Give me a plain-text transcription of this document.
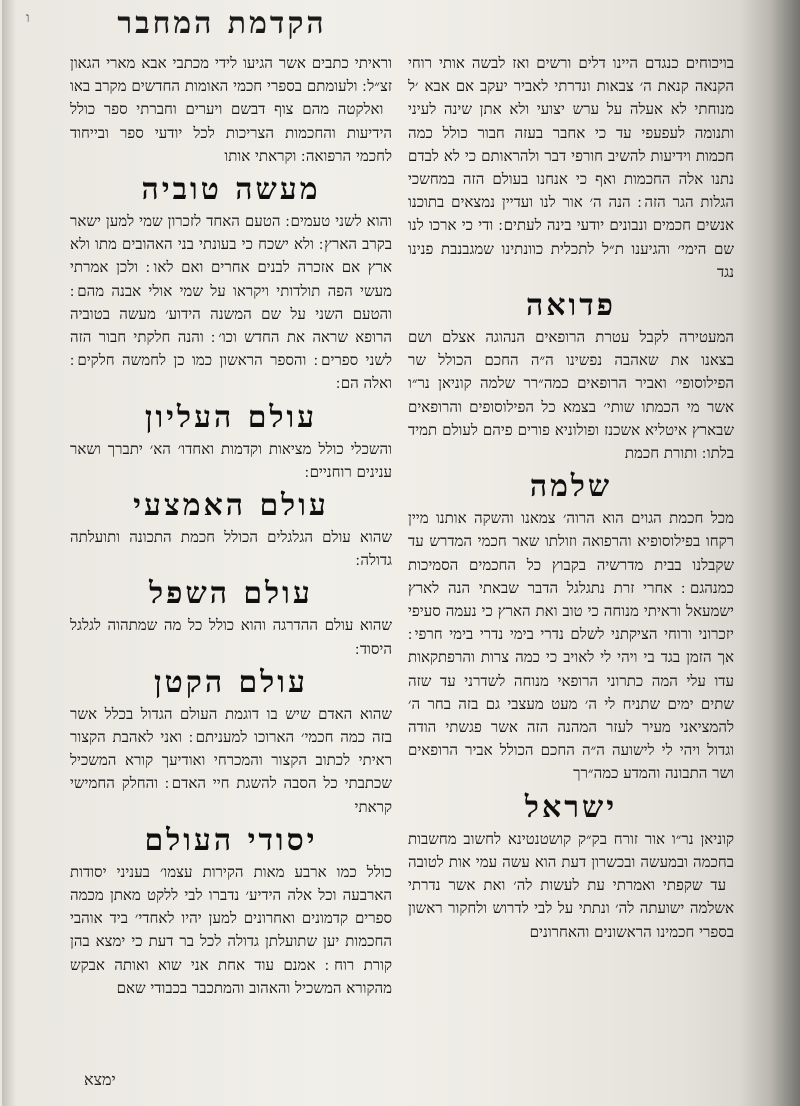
הקדמת המחבר
ו

בויכוחים כנגדם היינו דלים ורשים ואז לבשה אותי רוחי הקנאה קנאת ה׳ צבאות ונדרתי לאביר יעקב אם אבא ׳ל מנוחתי לא אעלה על ערש יצועי ולא אתן שינה לעיני ותנומה לעפעפי עד כי אחבר בעזה חבור כולל כמה חכמות וידיעות להשיב חורפי דבר ולהראותם כי לא לבדם נתנו אלה החכמות ואף כי אנחנו בעולם הזה במחשכי הגלות הגר הזה ׃ הנה ה׳ אור לנו ועדיין נמצאים בתוכנו אנשים חכמים ונבונים יודעי בינה לעתים ׃ ודי כי ארכו לנו שם הימי׳ והגיענו ת״ל לתכלית כוונתינו שמגבנבת פנינו נגד

פדואה

המעטירה לקבל עטרת הרופאים הנהוגה אצלם ושם בצאנו את שאהבה נפשינו ה״ה החכם הכולל שר הפילוסופי׳ ואביר הרופאים כמה״רר שלמה קוניאן נר״ו אשר מי הכמתו שותי׳ בצמא כל הפילוסופים והרופאים שבארץ איטליא אשכנז ופולוניא פורים פיהם לעולם תמיד בלתו ׃ ותורת חכמת

שלמה

מכל חכמת הגוים הוא הרוה׳ צמאנו והשקה אותנו מיין רקחו בפילוסופיא והרפואה וזולתו שאר חכמי המדרש עד שקבלנו בבית מדרשיה בקבוץ כל החכמים הסמיכות כמנהגם ׃ אחרי זרת נתגלגל הדבר שבאתי הנה לארץ ישמעאל וראיתי מנוחה כי טוב ואת הארץ כי נעמה סעיפי יזכרוני ורוחי הציקתני לשלם נדרי בימי נדרי בימי חרפי ׃ אך הזמן בגד בי ויהי לי לאויב כי כמה צרות והרפתקאות עדו עלי המה כתרוני הרופאי מנוחה לשדרני עד שזה שתים ימים שתניח לי ה׳ מעט מעצבי גם בזה בחר ה׳ להמציאני מעיר לעזר המהנה הזה אשר פגשתי הודה וגדול ויהי לי לישועה ה״ה החכם הכולל אביר הרופאים ושר התבונה והמדע כמה״רך

ישראל

קוניאן נר״ו אור זורח בק״ק קושטנטינא לחשוב מחשבות בחכמה ובמעשה ובכשרון דעת הוא עשה עמי אות לטובה ׃ עד שקפתי ואמרתי עת לעשות לה׳ ואת אשר נדרתי אשלמה ישועתה לה׳ ונתתי על לבי לדרוש ולחקור ראשון בספרי חכמינו הראשונים והאחרונים

וראיתי כתבים אשר הגיעו לידי מכתבי אבא מארי הגאון זצ״ל ׃ ולעומתם בספרי חכמי האומות החדשים מקרב באו ׃ ואלקטה מהם צוף דבשם ויערים וחברתי ספר כולל הידיעות והחכמות הצריכות לכל יודעי ספר ובייחוד לחכמי הרפואה ׃ וקראתי אותו

מעשה טוביה

והוא לשני טעמים ׃ הטעם האחד לזכרון שמי למען ישאר בקרב הארץ ׃ ולא ישכח כי בעונתי בני האהובים מתו ולא ארץ אם אזכרה לבנים אחרים ואם לאו ׃ ולכן אמרתי מעשי הפה תולדותי ויקראו על שמי אולי אבנה מהם ׃ והטעם השני על שם המשנה הידוע׳ מעשה בטוביה הרופא שראה את החדש וכו׳ ׃ והנה חלקתי חבור הזה לשני ספרים ׃ והספר הראשון כמו כן לחמשה חלקים ׃ ואלה הם ׃

עולם העליון

והשכלי כולל מציאות וקדמות ואחדו׳ הא׳ יתברך ושאר ענינים רוחניים ׃

עולם האמצעי

שהוא עולם הגלגלים הכולל חכמת התכונה ותועלתה גדולה ׃

עולם השפל

שהוא עולם ההדרגה והוא כולל כל מה שמתהוה לגלגל היסוד ׃

עולם הקטן

שהוא האדם שיש בו דוגמת העולם הגדול בכלל אשר בזה כמה חכמי׳ הארוכו למעניתם ׃ ואני לאהבת הקצור ראיתי לכתוב הקצור והמכרחי ואודיעך קורא המשכיל שכתבתי כל הסבה להשגת חיי האדם ׃ והחלק החמישי קראתי

יסודי העולם

כולל כמו ארבע מאות הקירות עצמו׳ בעניני יסודות הארבעה וכל אלה הידיע׳ נדברו לבי ללקט מאתן מכמה ספרים קדמונים ואחרונים למען יהיו לאחדי׳ ביד אוהבי החכמות יען שתועלתן גדולה לכל בר דעת כי ימצא בהן קורת רוח ׃ אמנם עוד אחת אני שוא ואותה אבקש מהקורא המשכיל והאהוב והמתכבר בכבודי שאם

ימצא
